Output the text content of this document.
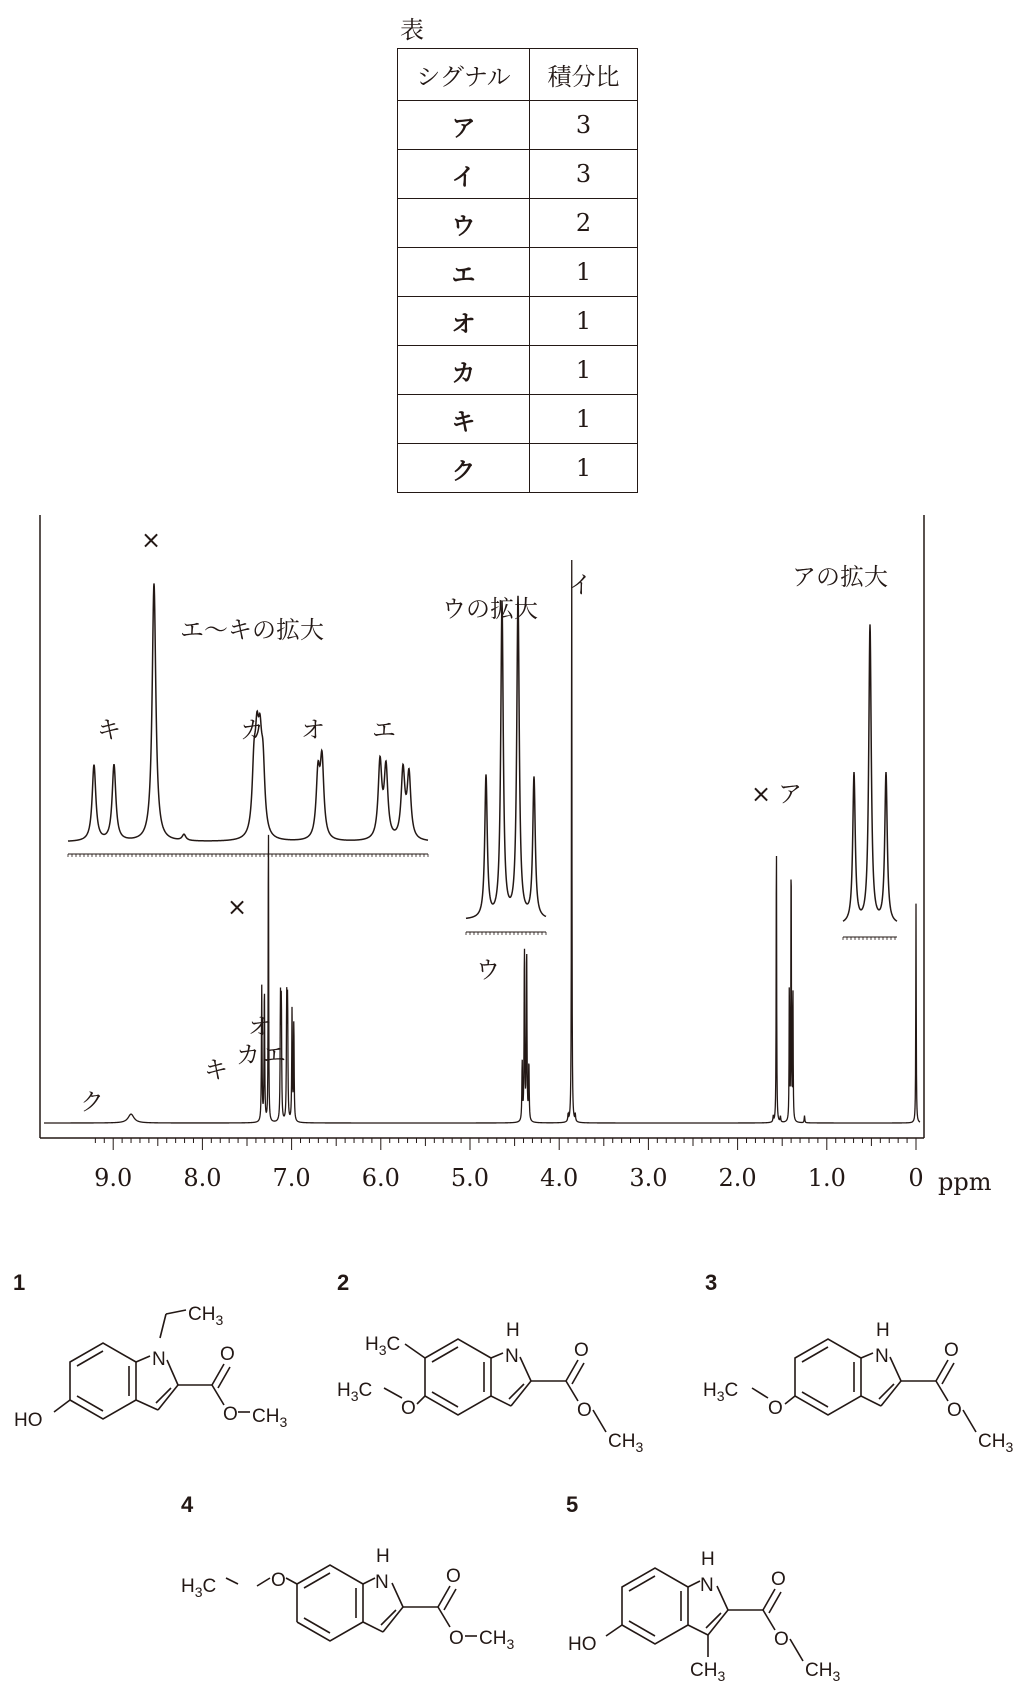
表
シグナル	積分比
ア	3
イ	3
ウ	2
エ	1
オ	1
カ	1
キ	1
ク	1
9.0 8.0 7.0 6.0 5.0 4.0 3.0 2.0 1.0	0 ppm
ク
キ
×
オ
カ エ
ウ
イ
× ア
エ～キの拡大
キ
×
カ オ エ
ウの拡大
アの拡大
1
N
$CH_3$
HO
O
O $CH_3$
2
H
N
$H_3C$
O
$H_3C$
O
O
$CH_3$
3
H
N
O
$H_3C$
O
O
$CH_3$
4
H
N
$H_3C$	O	O
O $CH_3$
5
H
N	O
HO	O
$CH_3$
$CH_3$
